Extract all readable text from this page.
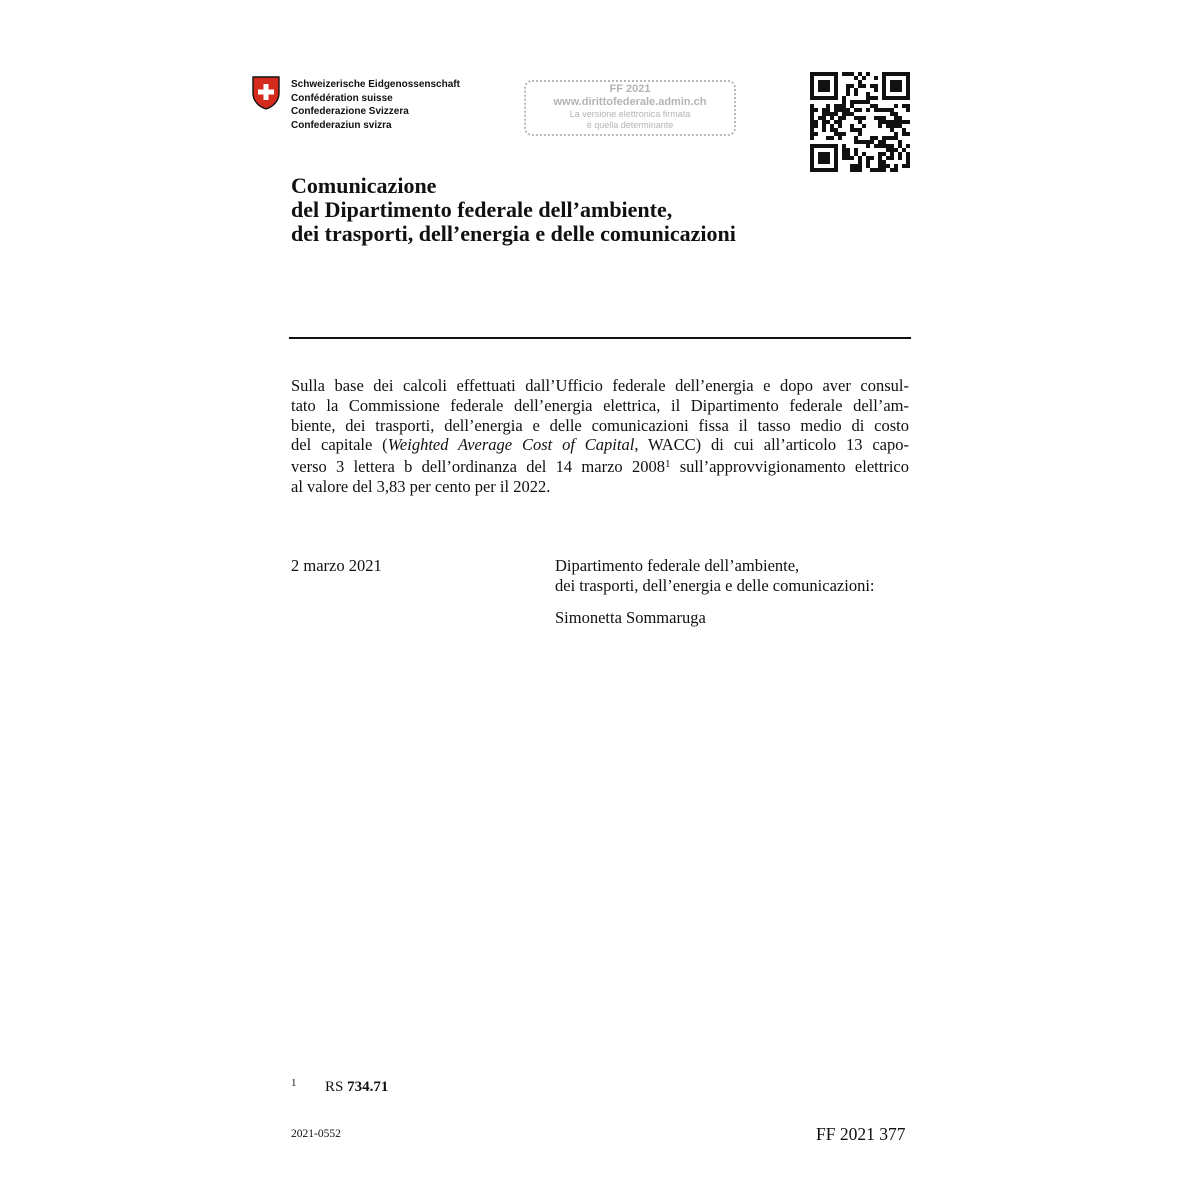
Schweizerische Eidgenossenschaft
Confédération suisse
Confederazione Svizzera
Confederaziun svizra
FF 2021
www.dirittofederale.admin.ch
La versione elettronica firmata
è quella determinante
Comunicazione
del Dipartimento federale dell’ambiente,
dei trasporti, dell’energia e delle comunicazioni
Sulla base dei calcoli effettuati dall’Ufficio federale dell’energia e dopo aver consul-
tato la Commissione federale dell’energia elettrica, il Dipartimento federale dell’am-
biente, dei trasporti, dell’energia e delle comunicazioni fissa il tasso medio di costo
del capitale (Weighted Average Cost of Capital, WACC) di cui all’articolo 13 capo-
verso 3 lettera b dell’ordinanza del 14 marzo 2008$^1$ sull’approvvigionamento elettrico
al valore del 3,83 per cento per il 2022.
2 marzo 2021	Dipartimento federale dell’ambiente,
dei trasporti, dell’energia e delle comunicazioni:
Simonetta Sommaruga
1 RS 734.71
2021-0552	FF 2021 377
